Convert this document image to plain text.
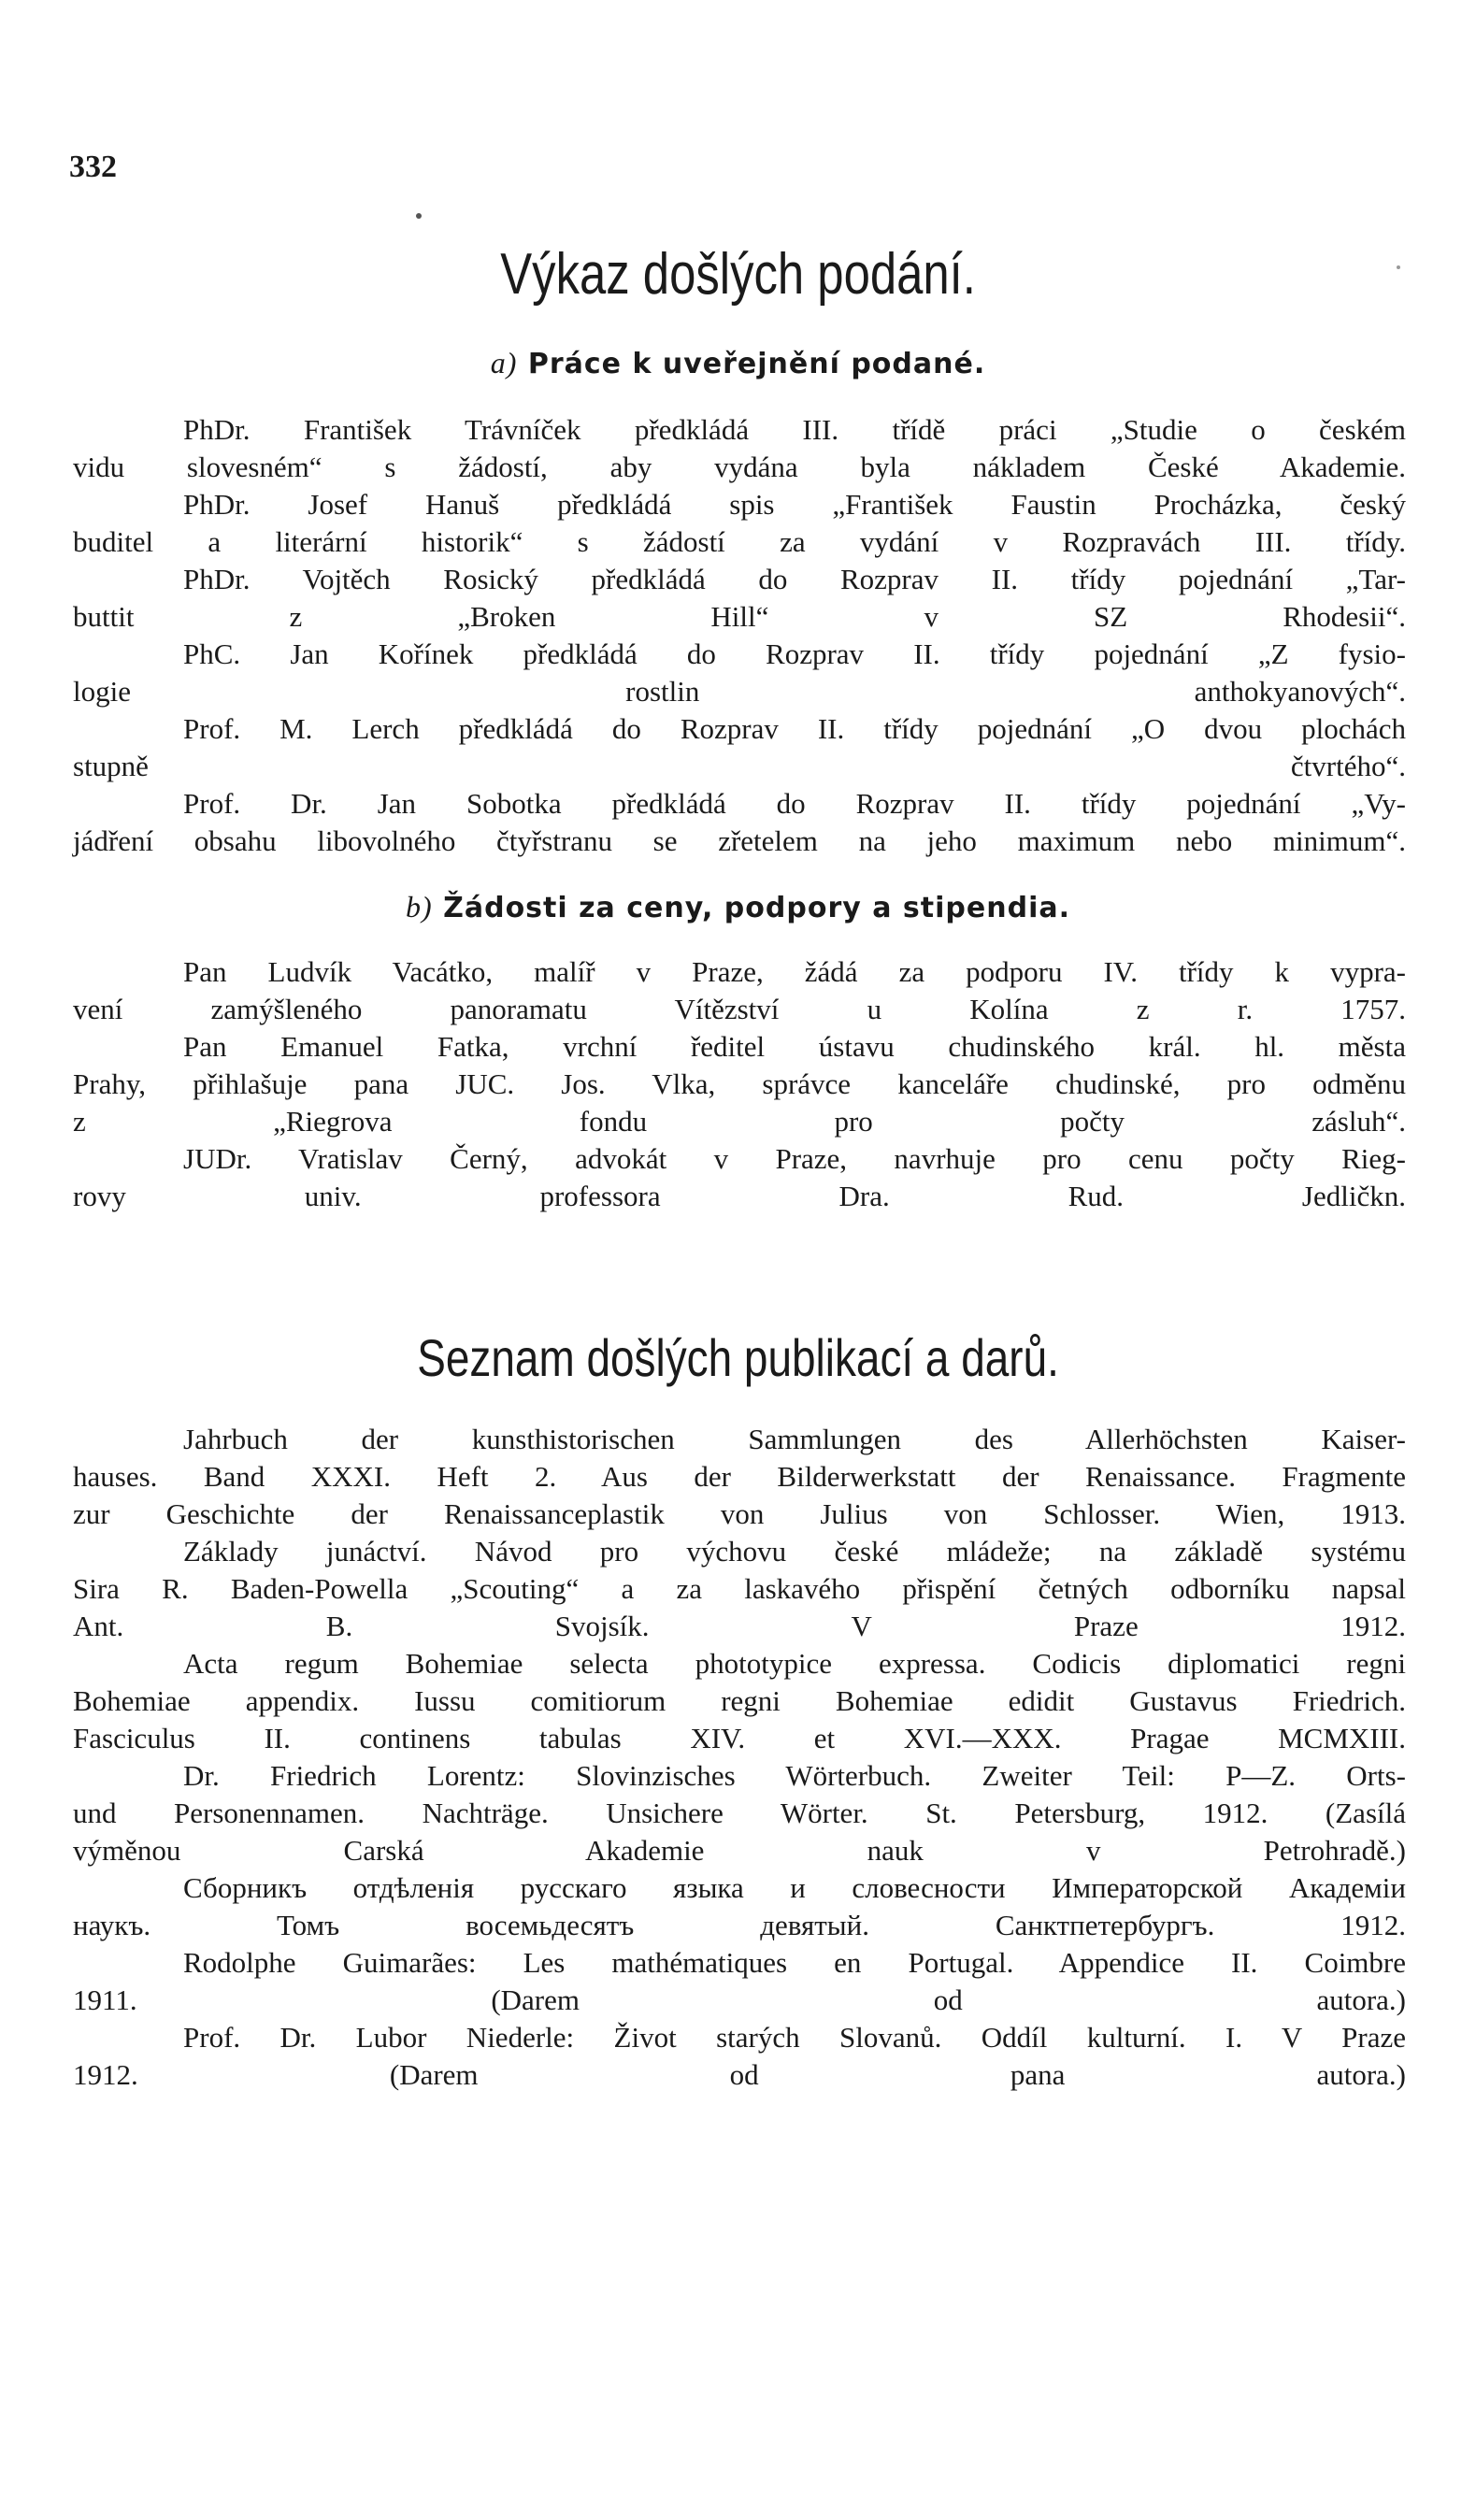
332
Výkaz došlých podání.
a) Práce k uveřejnění podané.

PhDr. František Trávníček předkládá III. třídě práci „Studie o českém
vidu slovesném“ s žádostí, aby vydána byla nákladem České Akademie.

PhDr. Josef Hanuš předkládá spis „František Faustin Procházka, český
buditel a literární historik“ s žádostí za vydání v Rozpravách III. třídy.

PhDr. Vojtěch Rosický předkládá do Rozprav II. třídy pojednání „Tar-
buttit z „Broken Hill“ v SZ Rhodesii“.

PhC. Jan Kořínek předkládá do Rozprav II. třídy pojednání „Z fysio-
logie rostlin anthokyanových“.

Prof. M. Lerch předkládá do Rozprav II. třídy pojednání „O dvou plochách
stupně čtvrtého“.

Prof. Dr. Jan Sobotka předkládá do Rozprav II. třídy pojednání „Vy-
jádření obsahu libovolného čtyřstranu se zřetelem na jeho maximum nebo minimum“.

b) Žádosti za ceny, podpory a stipendia.

Pan Ludvík Vacátko, malíř v Praze, žádá za podporu IV. třídy k vypra-
vení zamýšleného panoramatu Vítězství u Kolína z r. 1757.

Pan Emanuel Fatka, vrchní ředitel ústavu chudinského král. hl. města
Prahy, přihlašuje pana JUC. Jos. Vlka, správce kanceláře chudinské, pro odměnu
z „Riegrova fondu pro počty zásluh“.

JUDr. Vratislav Černý, advokát v Praze, navrhuje pro cenu počty Rieg-
rovy univ. professora Dra. Rud. Jedličkn.

Seznam došlých publikací a darů.

Jahrbuch der kunsthistorischen Sammlungen des Allerhöchsten Kaiser-
hauses. Band XXXI. Heft 2. Aus der Bilderwerkstatt der Renaissance. Fragmente
zur Geschichte der Renaissanceplastik von Julius von Schlosser. Wien, 1913.

Základy junáctví. Návod pro výchovu české mládeže; na základě systému
Sira R. Baden-Powella „Scouting“ a za laskavého přispění četných odborníku napsal
Ant. B. Svojsík. V Praze 1912.

Acta regum Bohemiae selecta phototypice expressa. Codicis diplomatici regni
Bohemiae appendix. Iussu comitiorum regni Bohemiae edidit Gustavus Friedrich.
Fasciculus II. continens tabulas XIV. et XVI.—XXX. Pragae MCMXIII.

Dr. Friedrich Lorentz: Slovinzisches Wörterbuch. Zweiter Teil: P—Z. Orts-
und Personennamen. Nachträge. Unsichere Wörter. St. Petersburg, 1912. (Zasílá
výměnou Carská Akademie nauk v Petrohradě.)

Сборникъ отдѣленія русскаго языка и словесности Императорской Академіи
наукъ. Томъ восемьдесятъ девятый. Санктпетербургъ. 1912.

Rodolphe Guimarães: Les mathématiques en Portugal. Appendice II. Coimbre
1911. (Darem od autora.)

Prof. Dr. Lubor Niederle: Život starých Slovanů. Oddíl kulturní. I. V Praze
1912. (Darem od pana autora.)
